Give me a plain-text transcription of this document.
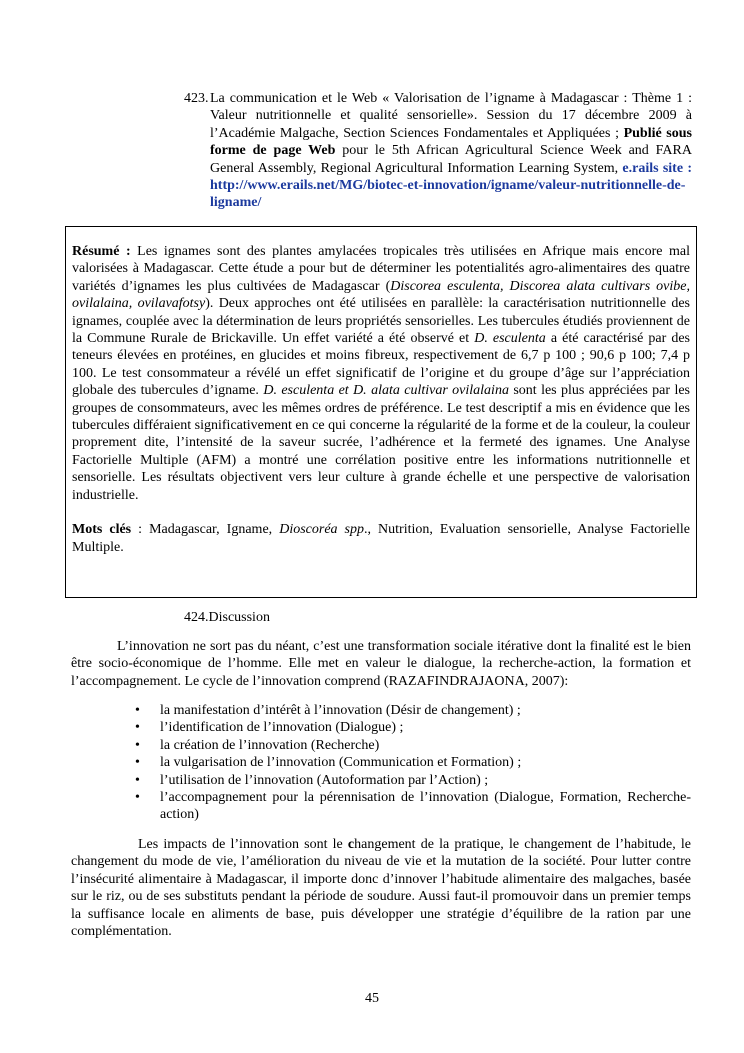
423. La communication et le Web « Valorisation de l’igname à Madagascar : Thème 1 : Valeur nutritionnelle et qualité sensorielle». Session du 17 décembre 2009 à l’Académie Malgache, Section Sciences Fondamentales et Appliquées ; Publié sous forme de page Web pour le 5th African Agricultural Science Week and FARA General Assembly, Regional Agricultural Information Learning System, e.rails site : http://www.erails.net/MG/biotec-et-innovation/igname/valeur-nutritionnelle-de-ligname/

Résumé : Les ignames sont des plantes amylacées tropicales très utilisées en Afrique mais encore mal valorisées à Madagascar. Cette étude a pour but de déterminer les potentialités agro-alimentaires des quatre variétés d’ignames les plus cultivées de Madagascar (Discorea esculenta, Discorea alata cultivars ovibe, ovilalaina, ovilavafotsy). Deux approches ont été utilisées en parallèle: la caractérisation nutritionnelle des ignames, couplée avec la détermination de leurs propriétés sensorielles. Les tubercules étudiés proviennent de la Commune Rurale de Brickaville. Un effet variété a été observé et D. esculenta a été caractérisé par des teneurs élevées en protéines, en glucides et moins fibreux, respectivement de 6,7 p 100 ; 90,6 p 100; 7,4 p 100. Le test consommateur a révélé un effet significatif de l’origine et du groupe d’âge sur l’appréciation globale des tubercules d’igname. D. esculenta et D. alata cultivar ovilalaina sont les plus appréciées par les groupes de consommateurs, avec les mêmes ordres de préférence. Le test descriptif a mis en évidence que les tubercules différaient significativement en ce qui concerne la régularité de la forme et de la couleur, la couleur proprement dite, l’intensité de la saveur sucrée, l’adhérence et la fermeté des ignames. Une Analyse Factorielle Multiple (AFM) a montré une corrélation positive entre les informations nutritionnelle et sensorielle. Les résultats objectivent vers leur culture à grande échelle et une perspective de valorisation industrielle.

Mots clés : Madagascar, Igname, Dioscoréa spp., Nutrition, Evaluation sensorielle, Analyse Factorielle Multiple.

424.Discussion

L’innovation ne sort pas du néant, c’est une transformation sociale itérative dont la finalité est le bien être socio-économique de l’homme. Elle met en valeur le dialogue, la recherche-action, la formation et l’accompagnement. Le cycle de l’innovation comprend (RAZAFINDRAJAONA, 2007):

• la manifestation d’intérêt à l’innovation (Désir de changement) ;
• l’identification de l’innovation (Dialogue) ;
• la création de l’innovation (Recherche)
• la vulgarisation de l’innovation (Communication et Formation) ;
• l’utilisation de l’innovation (Autoformation par l’Action) ;
• l’accompagnement pour la pérennisation de l’innovation (Dialogue, Formation, Recherche-action)

Les impacts de l’innovation sont le changement de la pratique, le changement de l’habitude, le changement du mode de vie, l’amélioration du niveau de vie et la mutation de la société. Pour lutter contre l’insécurité alimentaire à Madagascar, il importe donc d’innover l’habitude alimentaire des malgaches, basée sur le riz, ou de ses substituts pendant la période de soudure. Aussi faut-il promouvoir dans un premier temps la suffisance locale en aliments de base, puis développer une stratégie d’équilibre de la ration par une complémentation.

45
